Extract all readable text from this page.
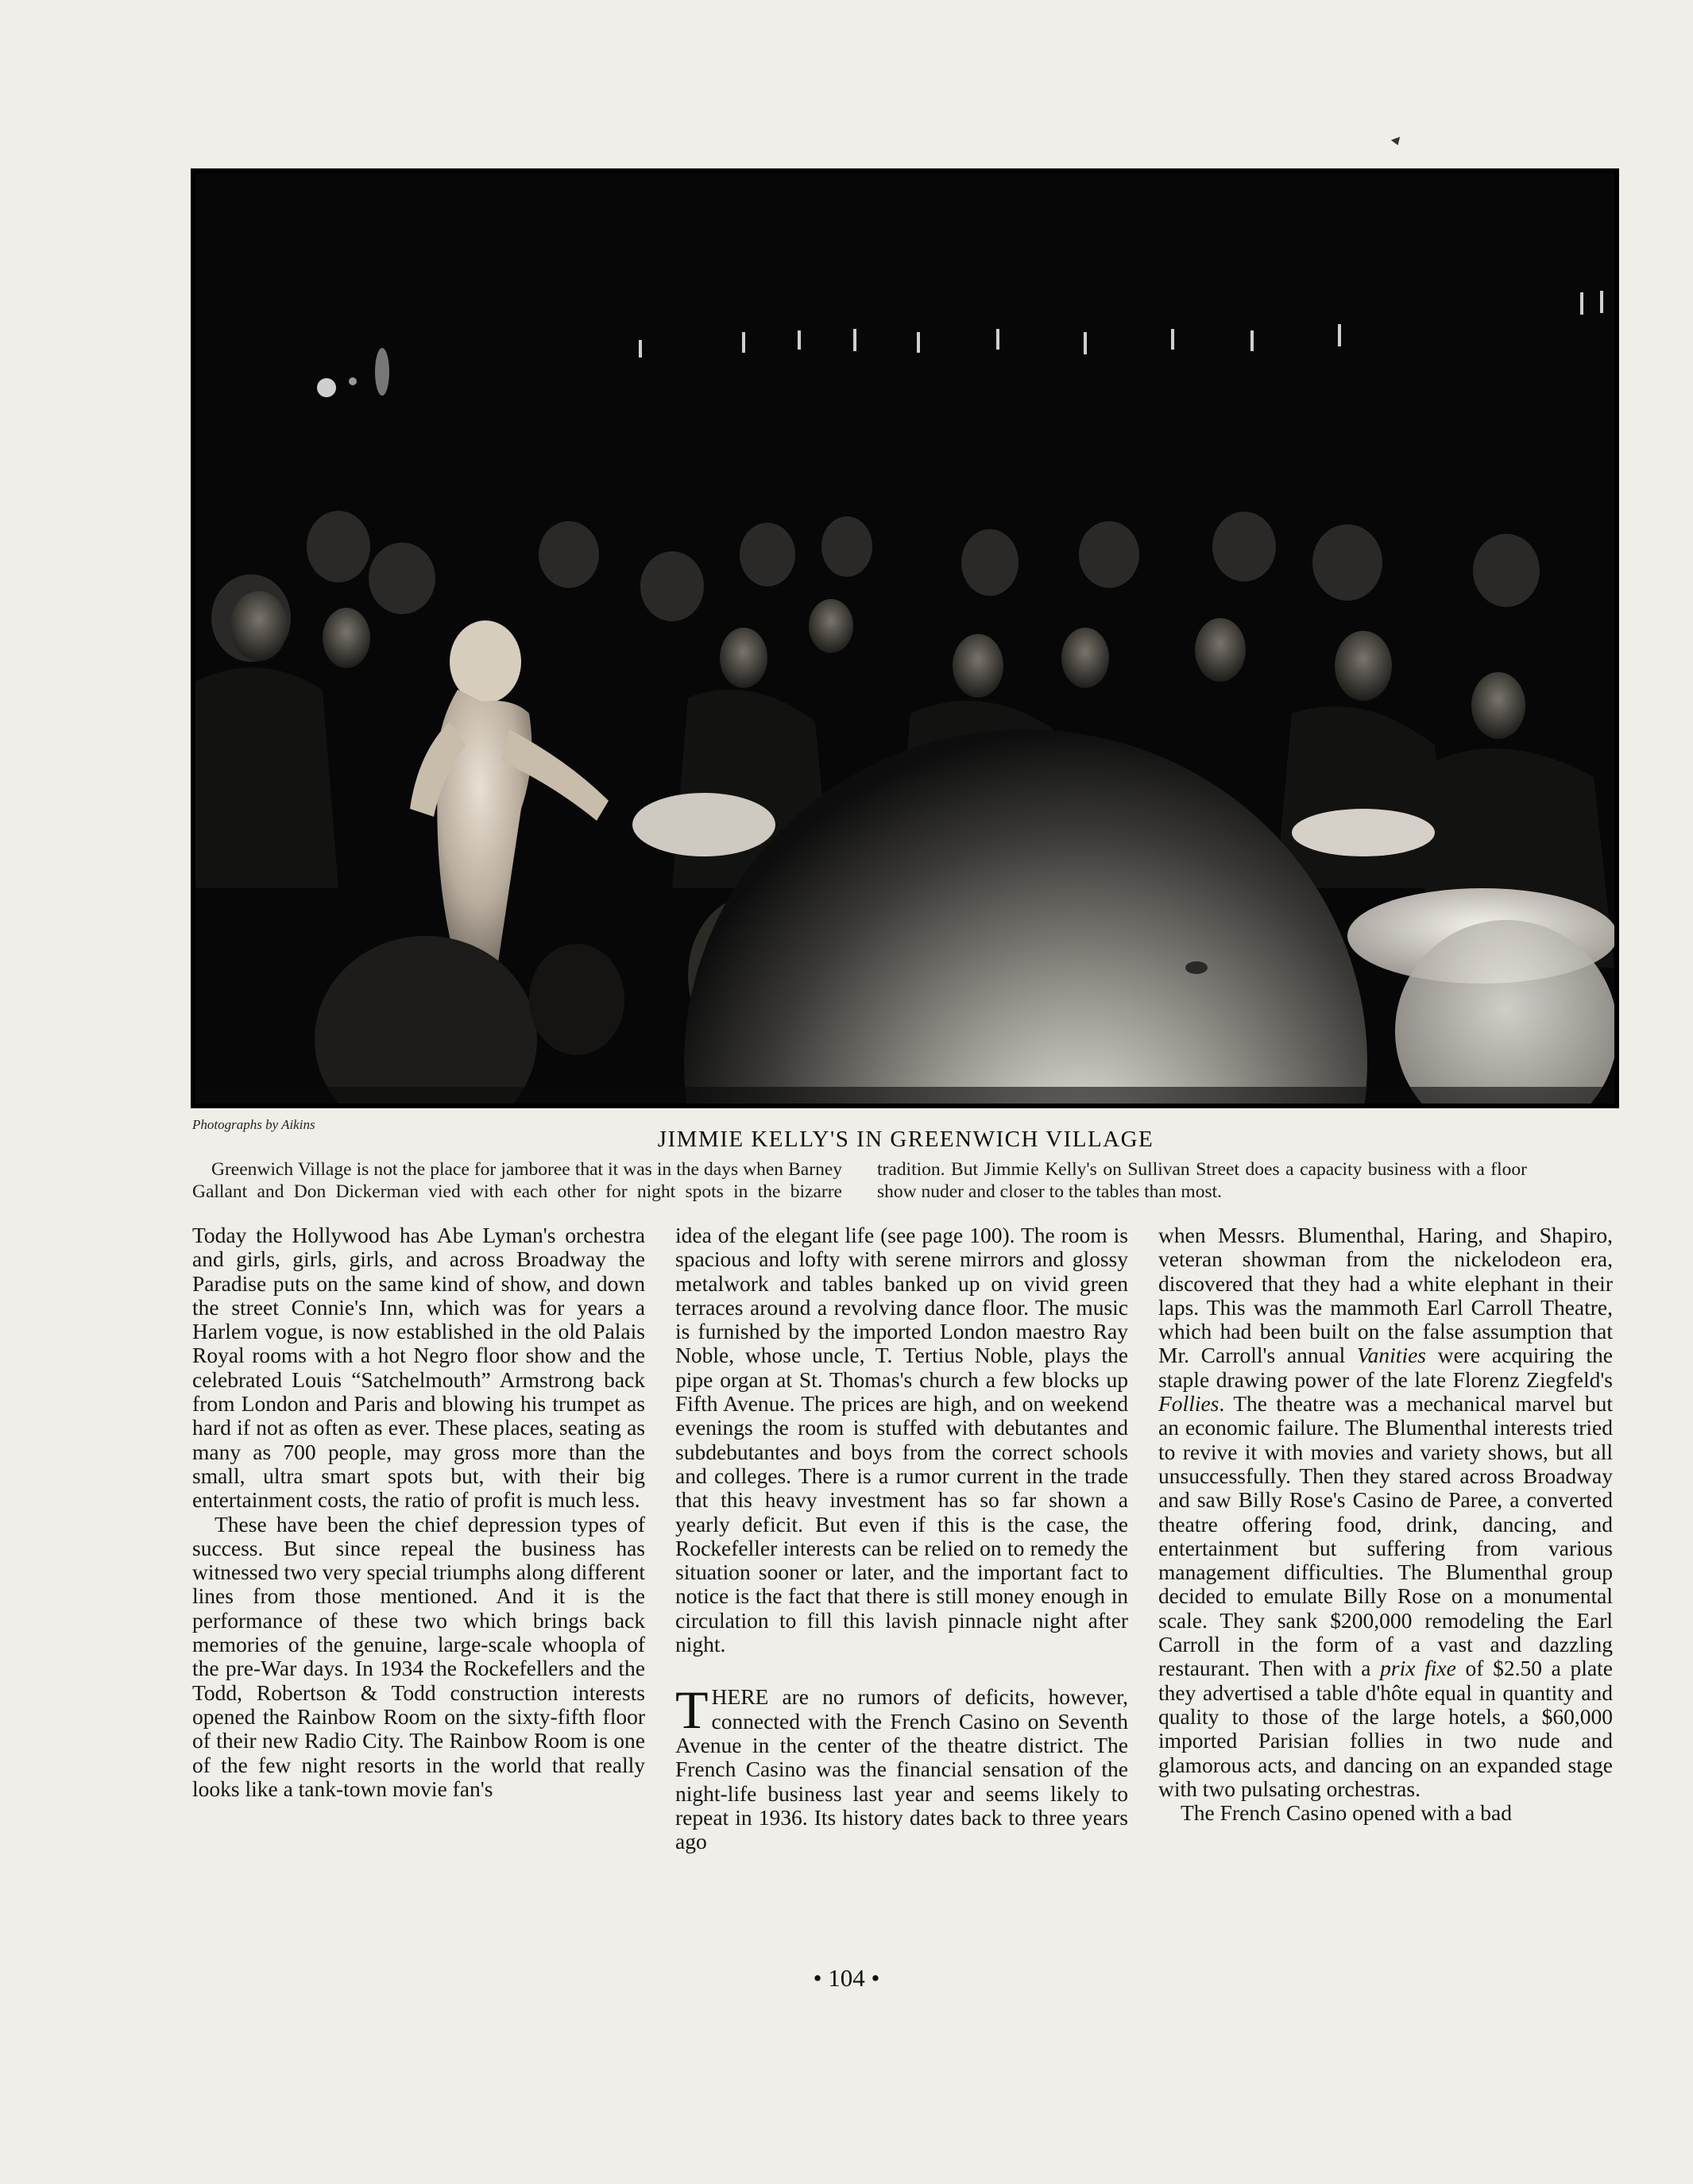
Photographs by Aikins
JIMMIE KELLY'S IN GREENWICH VILLAGE

Greenwich Village is not the place for jamboree that it was in the days when Barney Gallant and Don Dickerman vied with each other for night spots in the bizarre tradition. But Jimmie Kelly's on Sullivan Street does a capacity business with a floor show nuder and closer to the tables than most.

Today the Hollywood has Abe Lyman's orchestra and girls, girls, girls, and across Broadway the Paradise puts on the same kind of show, and down the street Connie's Inn, which was for years a Harlem vogue, is now established in the old Palais Royal rooms with a hot Negro floor show and the celebrated Louis “Satchelmouth” Armstrong back from London and Paris and blowing his trumpet as hard if not as often as ever. These places, seating as many as 700 people, may gross more than the small, ultra smart spots but, with their big entertainment costs, the ratio of profit is much less.

These have been the chief depression types of success. But since repeal the business has witnessed two very special triumphs along different lines from those mentioned. And it is the performance of these two which brings back memories of the genuine, large-scale whoopla of the pre-War days. In 1934 the Rockefellers and the Todd, Robertson & Todd construction interests opened the Rainbow Room on the sixty-fifth floor of their new Radio City. The Rainbow Room is one of the few night resorts in the world that really looks like a tank-town movie fan's

idea of the elegant life (see page 100). The room is spacious and lofty with serene mirrors and glossy metalwork and tables banked up on vivid green terraces around a revolving dance floor. The music is furnished by the imported London maestro Ray Noble, whose uncle, T. Tertius Noble, plays the pipe organ at St. Thomas's church a few blocks up Fifth Avenue. The prices are high, and on weekend evenings the room is stuffed with debutantes and subdebutantes and boys from the correct schools and colleges. There is a rumor current in the trade that this heavy investment has so far shown a yearly deficit. But even if this is the case, the Rockefeller interests can be relied on to remedy the situation sooner or later, and the important fact to notice is the fact that there is still money enough in circulation to fill this lavish pinnacle night after night.

THERE are no rumors of deficits, however, connected with the French Casino on Seventh Avenue in the center of the theatre district. The French Casino was the financial sensation of the night-life business last year and seems likely to repeat in 1936. Its history dates back to three years ago

when Messrs. Blumenthal, Haring, and Shapiro, veteran showman from the nickelodeon era, discovered that they had a white elephant in their laps. This was the mammoth Earl Carroll Theatre, which had been built on the false assumption that Mr. Carroll's annual Vanities were acquiring the staple drawing power of the late Florenz Ziegfeld's Follies. The theatre was a mechanical marvel but an economic failure. The Blumenthal interests tried to revive it with movies and variety shows, but all unsuccessfully. Then they stared across Broadway and saw Billy Rose's Casino de Paree, a converted theatre offering food, drink, dancing, and entertainment but suffering from various management difficulties. The Blumenthal group decided to emulate Billy Rose on a monumental scale. They sank $200,000 remodeling the Earl Carroll in the form of a vast and dazzling restaurant. Then with a prix fixe of $2.50 a plate they advertised a table d'hôte equal in quantity and quality to those of the large hotels, a $60,000 imported Parisian follies in two nude and glamorous acts, and dancing on an expanded stage with two pulsating orchestras.

The French Casino opened with a bad

• 104 •
